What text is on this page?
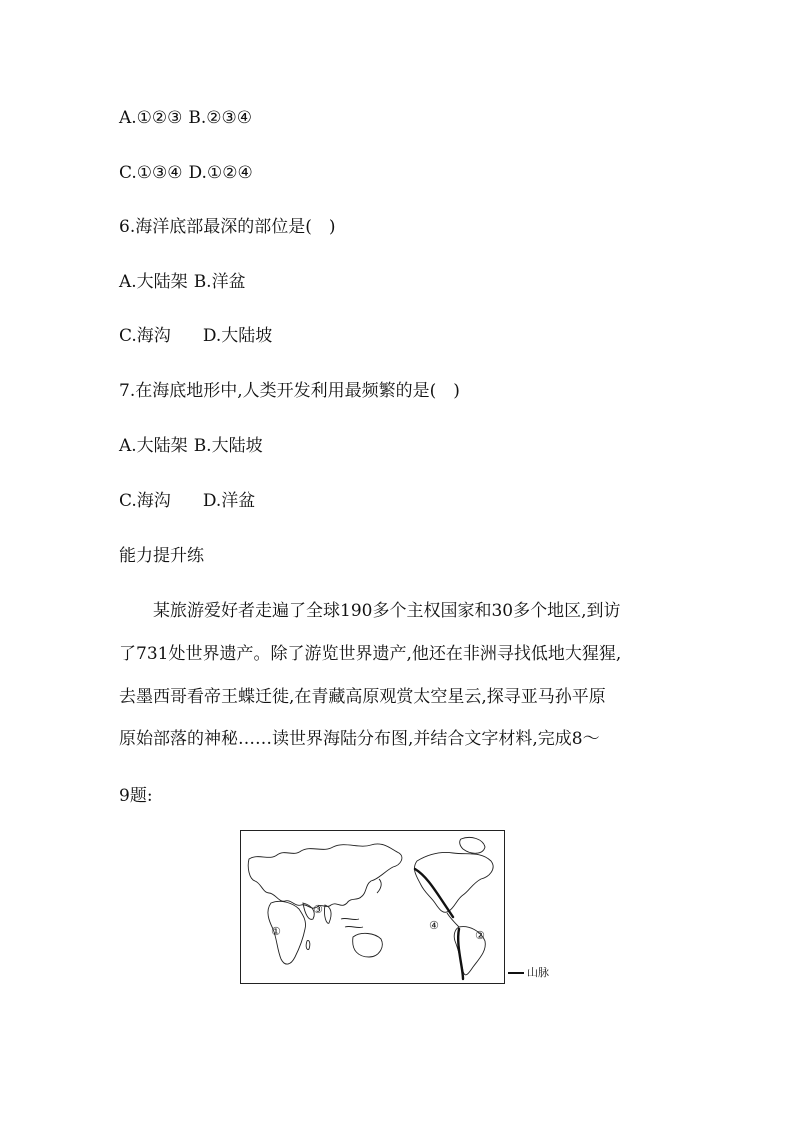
A.①②③ B.②③④
C.①③④ D.①②④
6.海洋底部最深的部位是(　)
A.大陆架 B.洋盆
C.海沟 D.大陆坡
7.在海底地形中,人类开发利用最频繁的是(　)
A.大陆架 B.大陆坡
C.海沟 D.洋盆
能力提升练
　　某旅游爱好者走遍了全球190多个主权国家和30多个地区,到访
了731处世界遗产。除了游览世界遗产,他还在非洲寻找低地大猩猩,
去墨西哥看帝王蝶迁徙,在青藏高原观赏太空星云,探寻亚马孙平原
原始部落的神秘……读世界海陆分布图,并结合文字材料,完成8～
9题:
①	②
③
④
山脉
